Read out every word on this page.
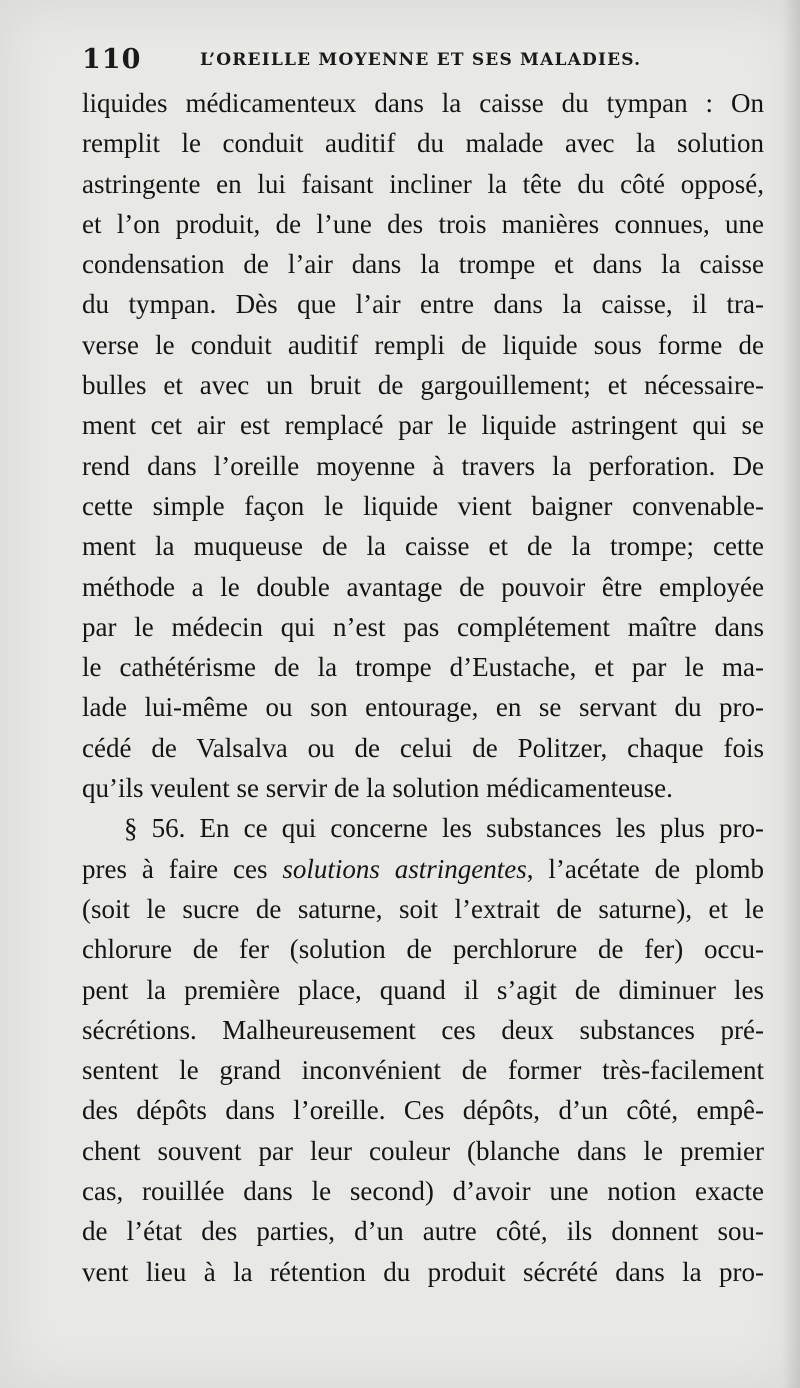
110	L’OREILLE MOYENNE ET SES MALADIES.
liquides médicamenteux dans la caisse du tympan : On
remplit le conduit auditif du malade avec la solution
astringente en lui faisant incliner la tête du côté opposé,
et l’on produit, de l’une des trois manières connues, une
condensation de l’air dans la trompe et dans la caisse
du tympan. Dès que l’air entre dans la caisse, il tra-
verse le conduit auditif rempli de liquide sous forme de
bulles et avec un bruit de gargouillement; et nécessaire-
ment cet air est remplacé par le liquide astringent qui se
rend dans l’oreille moyenne à travers la perforation. De
cette simple façon le liquide vient baigner convenable-
ment la muqueuse de la caisse et de la trompe; cette
méthode a le double avantage de pouvoir être employée
par le médecin qui n’est pas complétement maître dans
le cathétérisme de la trompe d’Eustache, et par le ma-
lade lui-même ou son entourage, en se servant du pro-
cédé de Valsalva ou de celui de Politzer, chaque fois
qu’ils veulent se servir de la solution médicamenteuse.
§ 56. En ce qui concerne les substances les plus pro-
pres à faire ces solutions astringentes, l’acétate de plomb
(soit le sucre de saturne, soit l’extrait de saturne), et le
chlorure de fer (solution de perchlorure de fer) occu-
pent la première place, quand il s’agit de diminuer les
sécrétions. Malheureusement ces deux substances pré-
sentent le grand inconvénient de former très-facilement
des dépôts dans l’oreille. Ces dépôts, d’un côté, empê-
chent souvent par leur couleur (blanche dans le premier
cas, rouillée dans le second) d’avoir une notion exacte
de l’état des parties, d’un autre côté, ils donnent sou-
vent lieu à la rétention du produit sécrété dans la pro-
